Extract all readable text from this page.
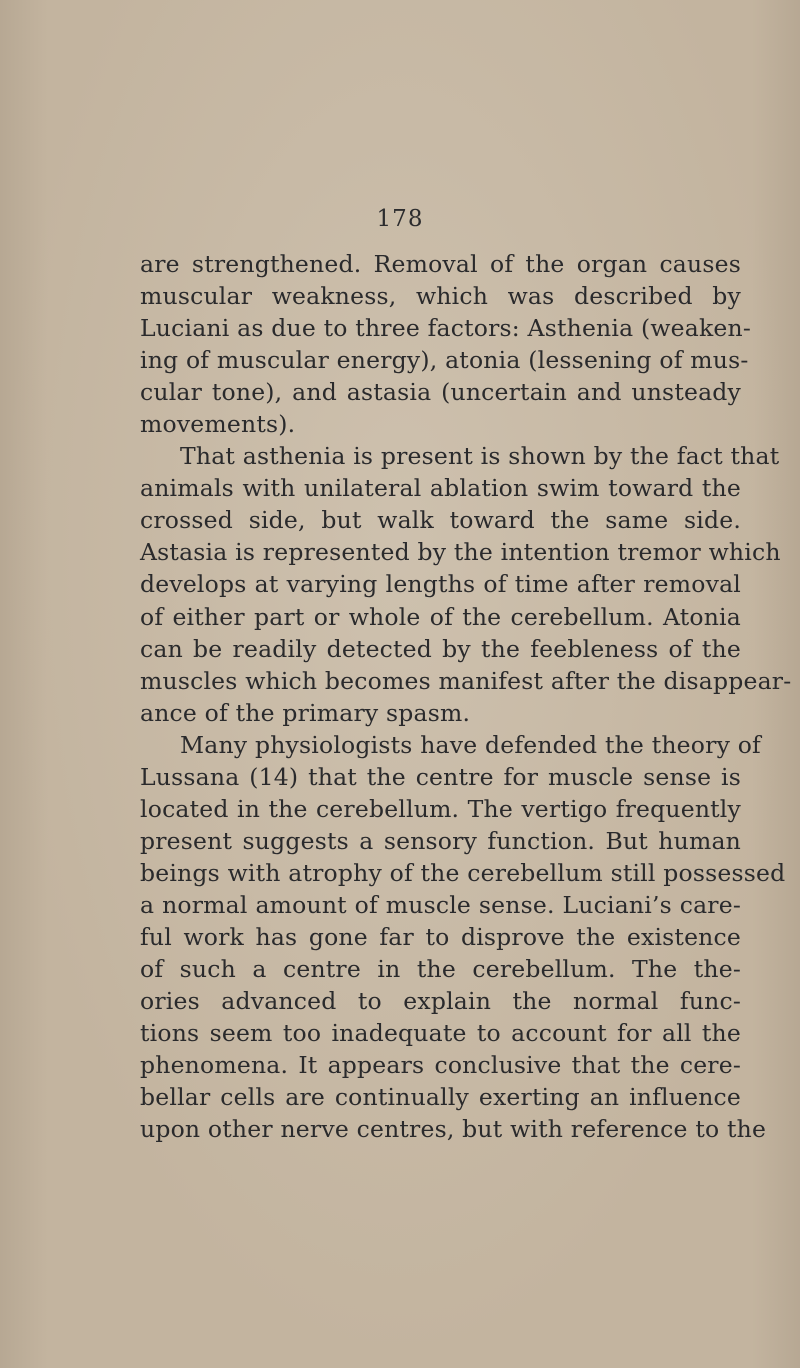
178
are strengthened. Removal of the organ causes
muscular weakness, which was described by
Luciani as due to three factors: Asthenia (weaken-
ing of muscular energy), atonia (lessening of mus-
cular tone), and astasia (uncertain and unsteady
movements).
That asthenia is present is shown by the fact that
animals with unilateral ablation swim toward the
crossed side, but walk toward the same side.
Astasia is represented by the intention tremor which
develops at varying lengths of time after removal
of either part or whole of the cerebellum. Atonia
can be readily detected by the feebleness of the
muscles which becomes manifest after the disappear-
ance of the primary spasm.
Many physiologists have defended the theory of
Lussana (14) that the centre for muscle sense is
located in the cerebellum. The vertigo frequently
present suggests a sensory function. But human
beings with atrophy of the cerebellum still possessed
a normal amount of muscle sense. Luciani’s care-
ful work has gone far to disprove the existence
of such a centre in the cerebellum. The the-
ories advanced to explain the normal func-
tions seem too inadequate to account for all the
phenomena. It appears conclusive that the cere-
bellar cells are continually exerting an influence
upon other nerve centres, but with reference to the
